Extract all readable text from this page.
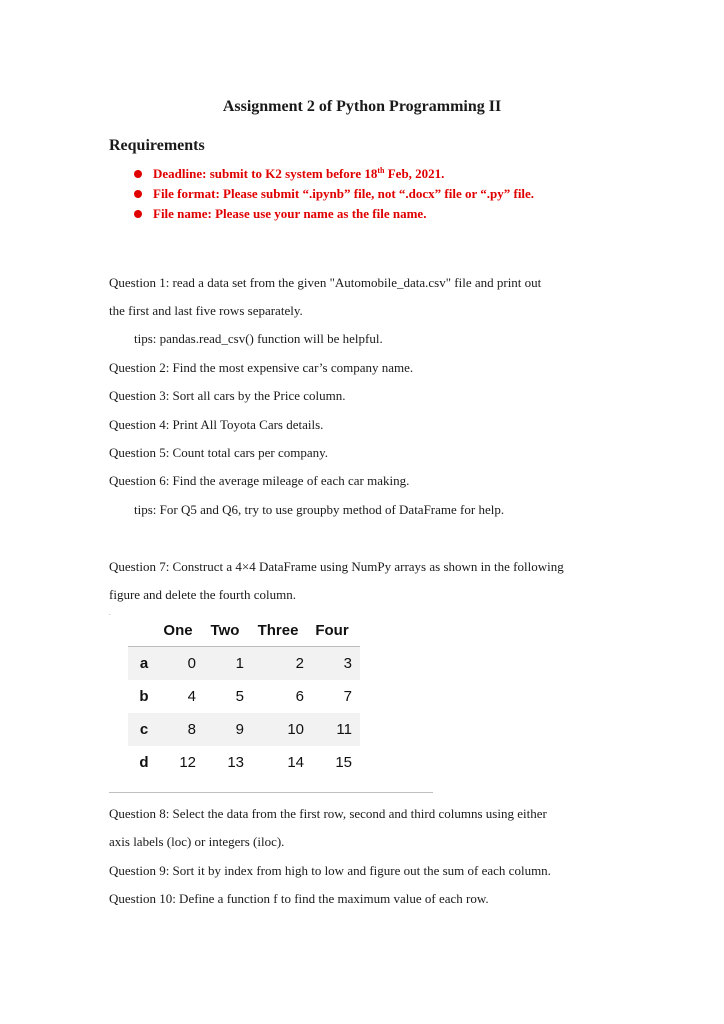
Assignment 2 of Python Programming II
Requirements
Deadline: submit to K2 system before 18th Feb, 2021.
File format: Please submit “.ipynb” file, not “.docx” file or “.py” file.
File name: Please use your name as the file name.
Question 1: read a data set from the given "Automobile_data.csv" file and print out
the first and last five rows separately.
tips: pandas.read_csv() function will be helpful.
Question 2: Find the most expensive car’s company name.
Question 3: Sort all cars by the Price column.
Question 4: Print All Toyota Cars details.
Question 5: Count total cars per company.
Question 6: Find the average mileage of each car making.
tips: For Q5 and Q6, try to use groupby method of DataFrame for help.
Question 7: Construct a 4×4 DataFrame using NumPy arrays as shown in the following
figure and delete the fourth column.
.
	One	Two	Three	Four
a	0	1	2	3
b	4	5	6	7
c	8	9	10	11
d	12	13	14	15
Question 8: Select the data from the first row, second and third columns using either
axis labels (loc) or integers (iloc).
Question 9: Sort it by index from high to low and figure out the sum of each column.
Question 10: Define a function f to find the maximum value of each row.
